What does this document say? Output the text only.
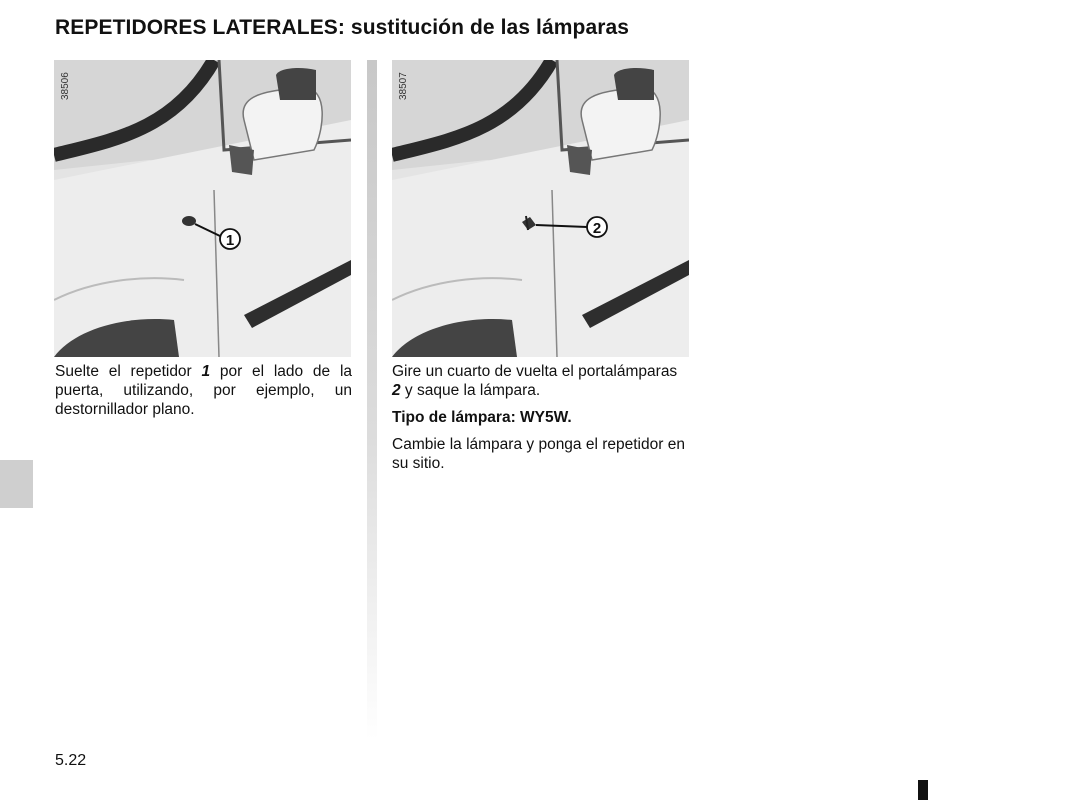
REPETIDORES LATERALES: sustitución de las lámparas
1
38506
2
38507

Suelte el repetidor 1 por el lado de la puerta, utilizando, por ejemplo, un destornillador plano.

Gire un cuarto de vuelta el portalámparas 2 y saque la lámpara.

Tipo de lámpara: WY5W.

Cambie la lámpara y ponga el repetidor en su sitio.

5.22
